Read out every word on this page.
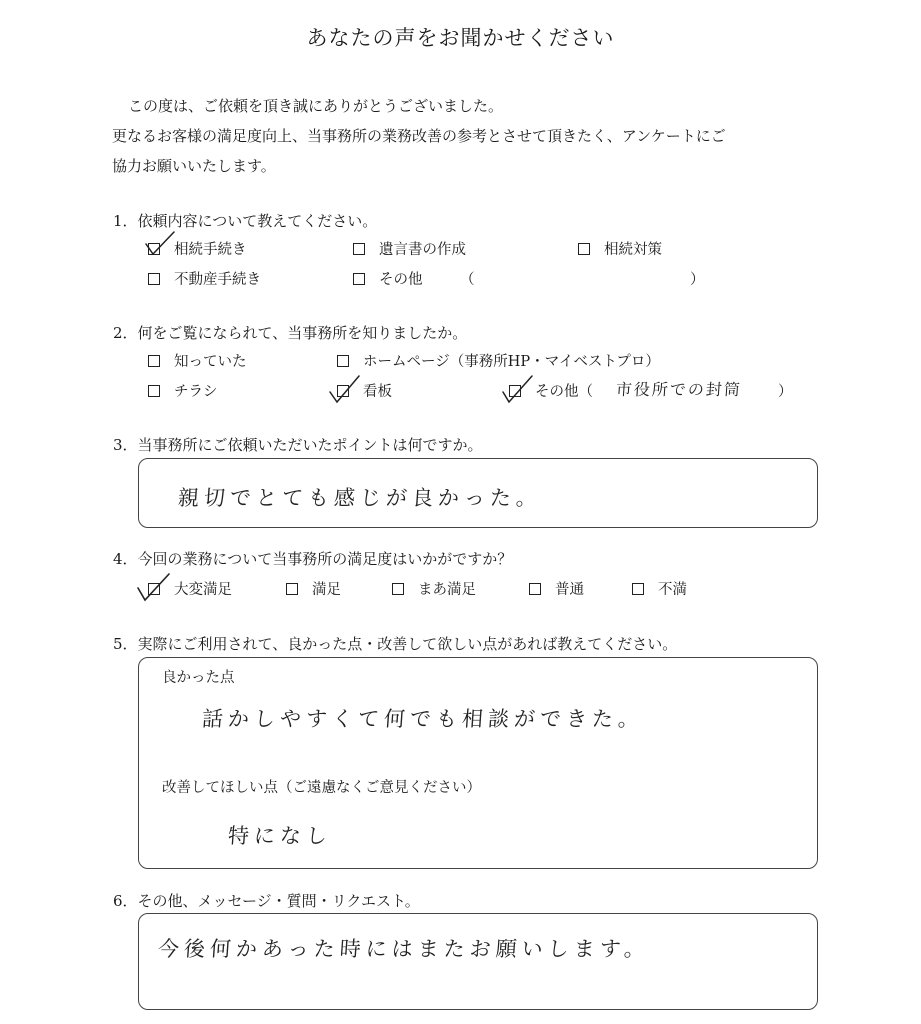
あなたの声をお聞かせください
この度は、ご依頼を頂き誠にありがとうございました。
更なるお客様の満足度向上、当事務所の業務改善の参考とさせて頂きたく、アンケートにご
協力お願いいたします。
1．依頼内容について教えてください。
相続手続き	遺言書の作成	相続対策
不動産手続き	その他	（	）
2．何をご覧になられて、当事務所を知りましたか。
知っていた	ホームページ（事務所HP・マイベストプロ）
チラシ	看板	その他（ 市役所での封筒 ）
3．当事務所にご依頼いただいたポイントは何ですか。
親切でとても感じが良かった。
4．今回の業務について当事務所の満足度はいかがですか？
大変満足	満足	まあ満足	普通	不満
5．実際にご利用されて、良かった点・改善して欲しい点があれば教えてください。
良かった点
話かしやすくて何でも相談ができた。
改善してほしい点（ご遠慮なくご意見ください）
特になし
6．その他、メッセージ・質問・リクエスト。
今後何かあった時にはまたお願いします。
